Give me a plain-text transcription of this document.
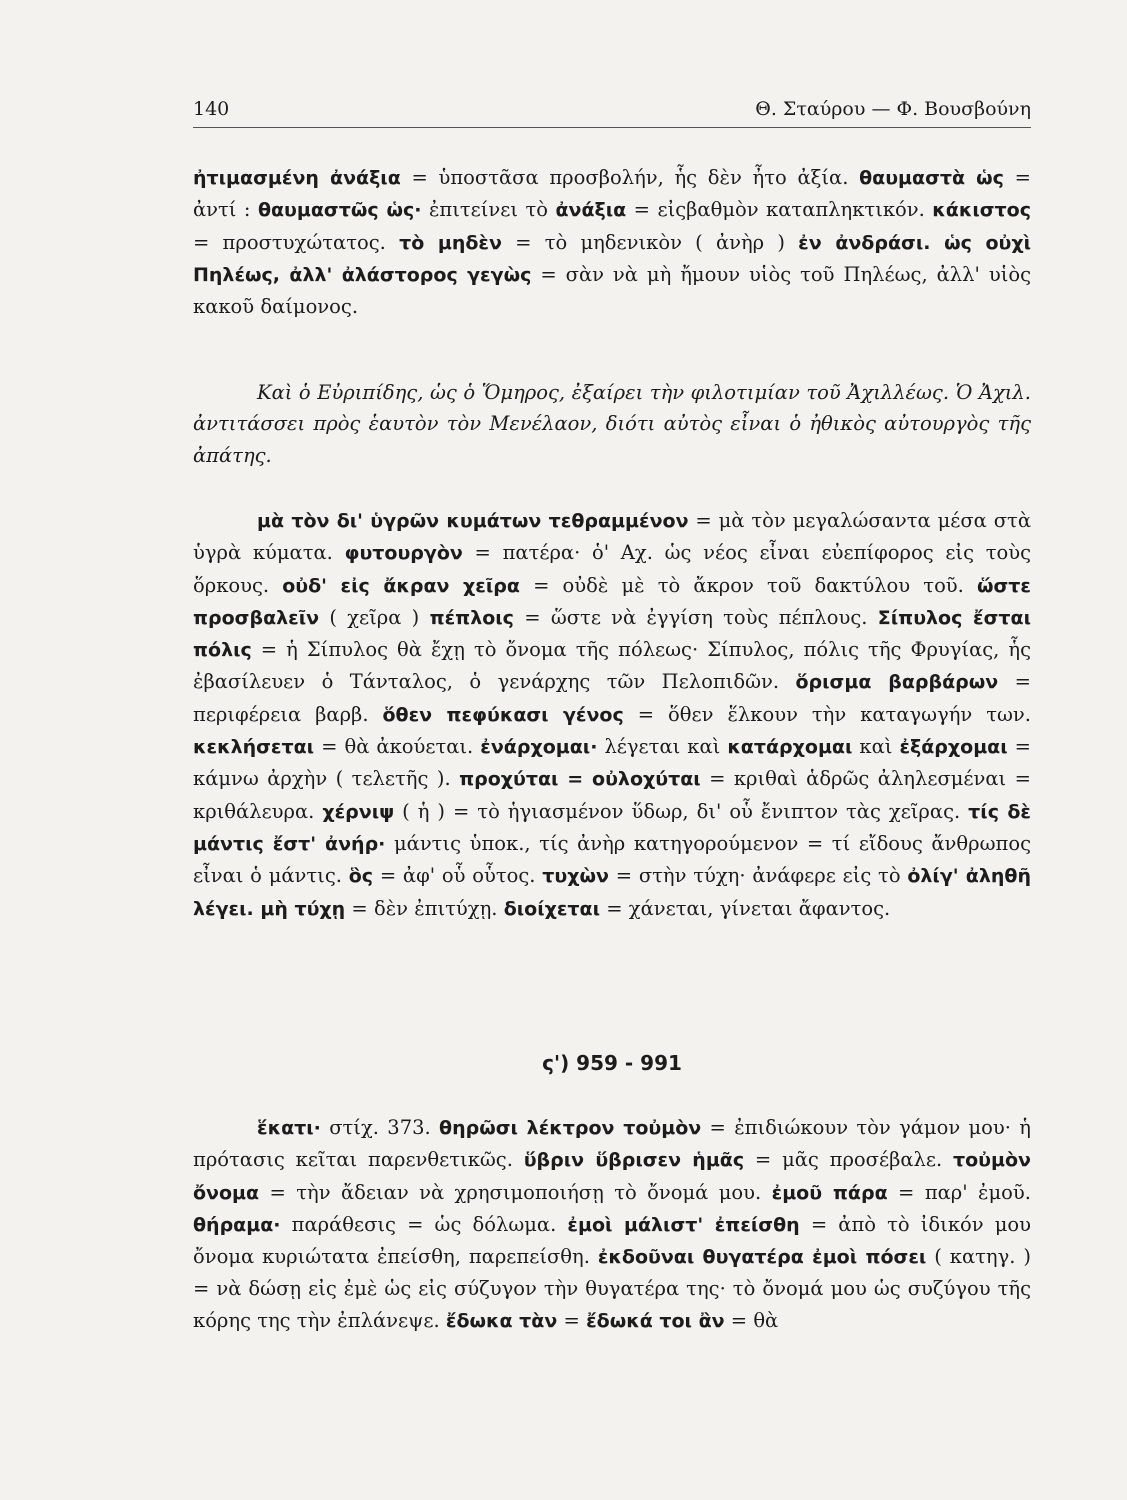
140	Θ. Σταύρου — Φ. Βουσβούνη

ἠτιμασμένη ἀνάξια = ὑποστᾶσα προσβολήν, ἧς δὲν ἦτο ἀξία. θαυμαστὰ ὡς = ἀντί : θαυμαστῶς ὡς· ἐπιτείνει τὸ ἀνάξια = εἰςβαθμὸν καταπληκτικόν. κάκιστος = προστυχώτατος. τὸ μηδὲν = τὸ μηδενικὸν ( ἀνὴρ ) ἐν ἀνδράσι. ὡς οὐχὶ Πηλέως, ἀλλ' ἀλάστορος γεγὼς = σὰν νὰ μὴ ἤμουν υἱὸς τοῦ Πηλέως, ἀλλ' υἱὸς κακοῦ δαίμονος.

Καὶ ὁ Εὐριπίδης, ὡς ὁ Ὅμηρος, ἐξαίρει τὴν φιλοτιμίαν τοῦ Ἀχιλλέως. Ὁ Ἀχιλ. ἀντιτάσσει πρὸς ἑαυτὸν τὸν Μενέλαον, διότι αὐτὸς εἶναι ὁ ἠθικὸς αὐτουργὸς τῆς ἀπάτης.

μὰ τὸν δι' ὑγρῶν κυμάτων τεθραμμένον = μὰ τὸν μεγαλώσαντα μέσα στὰ ὑγρὰ κύματα. φυτουργὸν = πατέρα· ὁ' Αχ. ὡς νέος εἶναι εὐεπίφορος εἰς τοὺς ὅρκους. οὐδ' εἰς ἄκραν χεῖρα = οὐδὲ μὲ τὸ ἄκρον τοῦ δακτύλου τοῦ. ὥστε προσβαλεῖν ( χεῖρα ) πέπλοις = ὥστε νὰ ἐγγίση τοὺς πέπλους. Σίπυλος ἔσται πόλις = ἡ Σίπυλος θὰ ἔχῃ τὸ ὄνομα τῆς πόλεως· Σίπυλος, πόλις τῆς Φρυγίας, ἧς ἐβασίλευεν ὁ Τάνταλος, ὁ γενάρχης τῶν Πελοπιδῶν. ὅρισμα βαρβάρων = περιφέρεια βαρβ. ὅθεν πεφύκασι γένος = ὅθεν ἕλκουν τὴν καταγωγήν των. κεκλήσεται = θὰ ἀκούεται. ἐνάρχομαι· λέγεται καὶ κατάρχομαι καὶ ἐξάρχομαι = κάμνω ἀρχὴν ( τελετῆς ). προχύται = οὐλοχύται = κριθαὶ ἁδρῶς ἀληλεσμέναι = κριθάλευρα. χέρνιψ ( ἡ ) = τὸ ἡγιασμένον ὕδωρ, δι' οὗ ἔνιπτον τὰς χεῖρας. τίς δὲ μάντις ἔστ' ἀνήρ· μάντις ὑποκ., τίς ἀνὴρ κατηγορούμενον = τί εἴδους ἄνθρωπος εἶναι ὁ μάντις. ὃς = ἀφ' οὗ οὗτος. τυχὼν = στὴν τύχη· ἀνάφερε εἰς τὸ ὀλίγ' ἀληθῆ λέγει. μὴ τύχῃ = δὲν ἐπιτύχῃ. διοίχεται = χάνεται, γίνεται ἄφαντος.

ς') 959 - 991

ἕκατι· στίχ. 373. θηρῶσι λέκτρον τοὐμὸν = ἐπιδιώκουν τὸν γάμον μου· ἡ πρότασις κεῖται παρενθετικῶς. ὕβριν ὕβρισεν ἡμᾶς = μᾶς προσέβαλε. τοὐμὸν ὄνομα = τὴν ἄδειαν νὰ χρησιμοποιήσῃ τὸ ὄνομά μου. ἐμοῦ πάρα = παρ' ἐμοῦ. θήραμα· παράθεσις = ὡς δόλωμα. ἐμοὶ μάλιστ' ἐπείσθη = ἀπὸ τὸ ἰδικόν μου ὄνομα κυριώτατα ἐπείσθη, παρεπείσθη. ἐκδοῦναι θυγατέρα ἐμοὶ πόσει ( κατηγ. ) = νὰ δώσῃ εἰς ἐμὲ ὡς εἰς σύζυγον τὴν θυγατέρα της· τὸ ὄνομά μου ὡς συζύγου τῆς κόρης της τὴν ἐπλάνεψε. ἔδωκα τὰν = ἔδωκά τοι ἂν = θὰ
